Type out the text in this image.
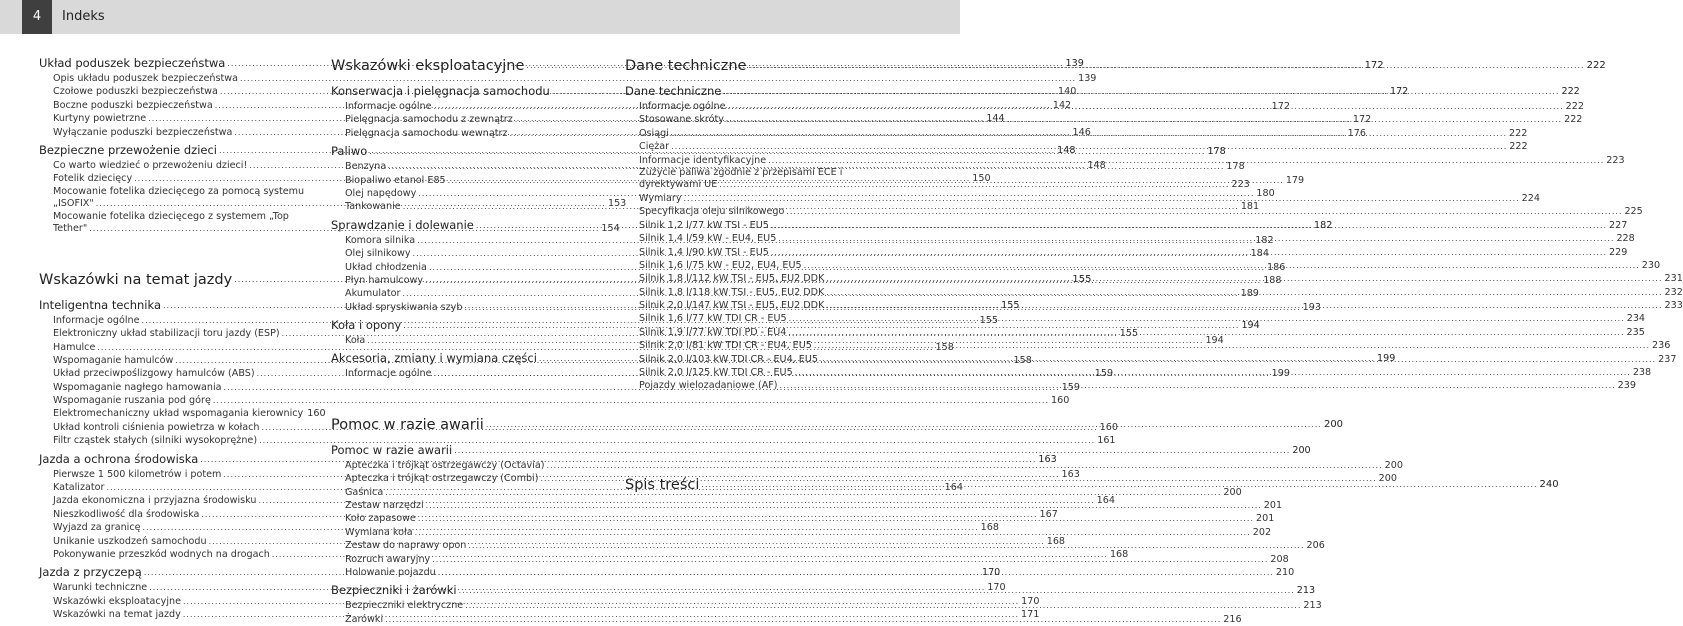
4	Indeks
Układ poduszek bezpieczeństwa .....	139
Opis układu poduszek bezpieczeństwa .....	139
Czołowe poduszki bezpieczeństwa .....	140
Boczne poduszki bezpieczeństwa .....	142
Kurtyny powietrzne .....	144
Wyłączanie poduszki bezpieczeństwa .....	146
Bezpieczne przewożenie dzieci .....	148
Co warto wiedzieć o przewożeniu dzieci! .....	148
Fotelik dziecięcy .....	150
Mocowanie fotelika dziecięcego za pomocą systemu
„ISOFIX" .....	153
Mocowanie fotelika dziecięcego z systemem „Top
Tether" .....	154
Wskazówki na temat jazdy .....	155
Inteligentna technika .....	155
Informacje ogólne .....	155
Elektroniczny układ stabilizacji toru jazdy (ESP) .....	155
Hamulce .....	158
Wspomaganie hamulców .....	158
Układ przeciwpoślizgowy hamulców (ABS) .....	159
Wspomaganie nagłego hamowania .....	159
Wspomaganie ruszania pod górę .....	160
Elektromechaniczny układ wspomagania kierownicy 160
Układ kontroli ciśnienia powietrza w kołach .....	160
Filtr cząstek stałych (silniki wysokoprężne) .....	161
Jazda a ochrona środowiska .....	163
Pierwsze 1 500 kilometrów i potem .....	163
Katalizator .....	164
Jazda ekonomiczna i przyjazna środowisku .....	164
Nieszkodliwość dla środowiska .....	167
Wyjazd za granicę .....	168
Unikanie uszkodzeń samochodu .....	168
Pokonywanie przeszkód wodnych na drogach .....	168
Jazda z przyczepą .....	170
Warunki techniczne .....	170
Wskazówki eksploatacyjne .....	170
Wskazówki na temat jazdy .....	171
Wskazówki eksploatacyjne .....	172
Konserwacja i pielęgnacja samochodu .....	172
Informacje ogólne .....	172
Pielęgnacja samochodu z zewnątrz .....	172
Pielęgnacja samochodu wewnątrz .....	176
Paliwo .....	178
Benzyna .....	178
Biopaliwo etanol E85 .....	179
Olej napędowy .....	180
Tankowanie .....	181
Sprawdzanie i dolewanie .....	182
Komora silnika .....	182
Olej silnikowy .....	184
Układ chłodzenia .....	186
Płyn hamulcowy .....	188
Akumulator .....	189
Układ spryskiwania szyb .....	193
Koła i opony .....	194
Koła .....	194
Akcesoria, zmiany i wymiana części .....	199
Informacje ogólne .....	199
Pomoc w razie awarii .....	200
Pomoc w razie awarii .....	200
Apteczka i trójkąt ostrzegawczy (Octavia) .....	200
Apteczka i trójkąt ostrzegawczy (Combi) .....	200
Gaśnica .....	200
Zestaw narzędzi .....	201
Koło zapasowe .....	201
Wymiana koła .....	202
Zestaw do naprawy opon .....	206
Rozruch awaryjny .....	208
Holowanie pojazdu .....	210
Bezpieczniki i żarówki .....	213
Bezpieczniki elektryczne .....	213
Żarówki .....	216
Dane techniczne .....	222
Dane techniczne .....	222
Informacje ogólne .....	222
Stosowane skróty .....	222
Osiągi .....	222
Ciężar .....	222
Informacje identyfikacyjne .....	223
Zużycie paliwa zgodnie z przepisami ECE i
dyrektywami UE .....	223
Wymiary .....	224
Specyfikacja oleju silnikowego .....	225
Silnik 1,2 l/77 kW TSI - EU5 .....	227
Silnik 1,4 l/59 kW - EU4, EU5 .....	228
Silnik 1,4 l/90 kW TSI - EU5 .....	229
Silnik 1,6 l/75 kW - EU2, EU4, EU5 .....	230
Silnik 1,8 l/112 kW TSI - EU5, EU2 DDK .....	231
Silnik 1,8 l/118 kW TSI - EU5, EU2 DDK .....	232
Silnik 2,0 l/147 kW TSI - EU5, EU2 DDK .....	233
Silnik 1,6 l/77 kW TDI CR - EU5 .....	234
Silnik 1,9 l/77 kW TDI PD - EU4 .....	235
Silnik 2,0 l/81 kW TDI CR - EU4, EU5 .....	236
Silnik 2,0 l/103 kW TDI CR - EU4, EU5 .....	237
Silnik 2,0 l/125 kW TDI CR - EU5 .....	238
Pojazdy wielozadaniowe (AF) .....	239
Spis treści .....	240
